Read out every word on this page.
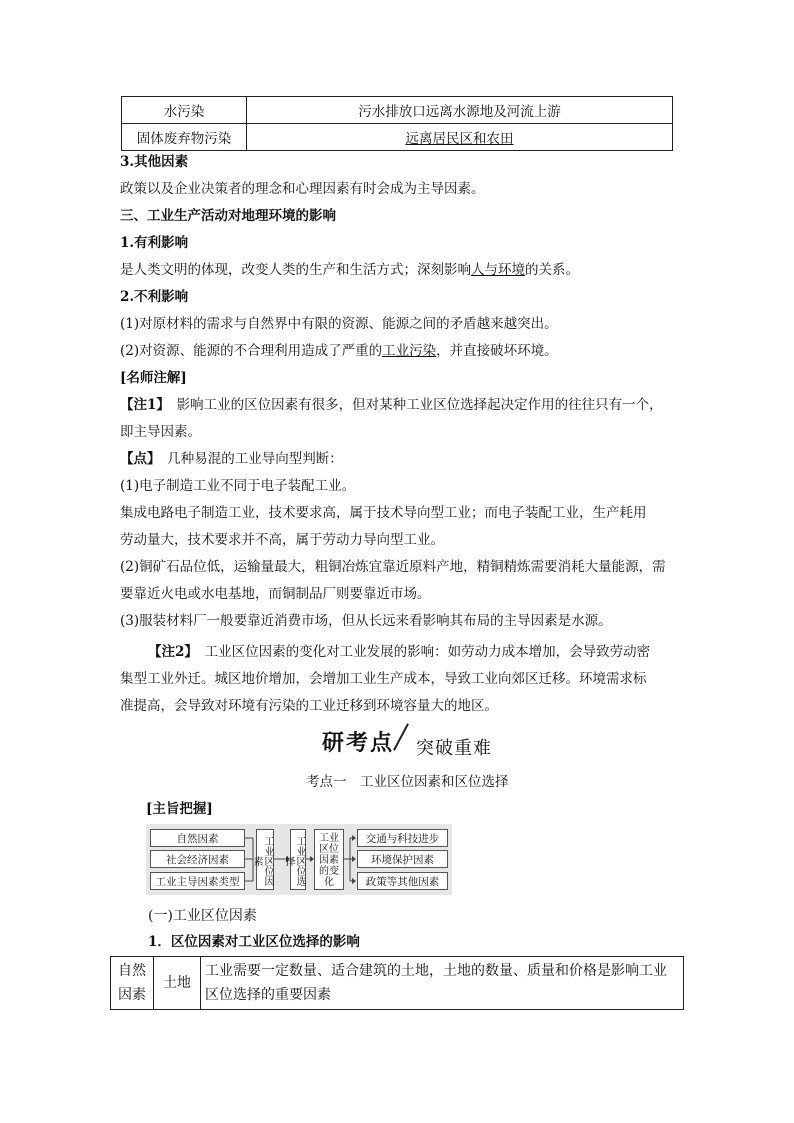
水污染	污水排放口远离水源地及河流上游
固体废弃物污染	远离居民区和农田
3.其他因素
政策以及企业决策者的理念和心理因素有时会成为主导因素。
三、工业生产活动对地理环境的影响
1.有利影响
是人类文明的体现，改变人类的生产和生活方式；深刻影响人与环境的关系。
2.不利影响
(1)对原材料的需求与自然界中有限的资源、能源之间的矛盾越来越突出。
(2)对资源、能源的不合理利用造成了严重的工业污染，并直接破坏环境。
[名师注解]
【注1】　影响工业的区位因素有很多，但对某种工业区位选择起决定作用的往往只有一个，
即主导因素。
【点】　几种易混的工业导向型判断：
(1)电子制造工业不同于电子装配工业。
集成电路电子制造工业，技术要求高，属于技术导向型工业；而电子装配工业，生产耗用
劳动量大，技术要求并不高，属于劳动力导向型工业。
(2)铜矿石品位低，运输量最大，粗铜冶炼宜靠近原料产地，精铜精炼需要消耗大量能源，需
要靠近火电或水电基地，而铜制品厂则要靠近市场。
(3)服装材料厂一般要靠近消费市场，但从长远来看影响其布局的主导因素是水源。
【注2】　工业区位因素的变化对工业发展的影响：如劳动力成本增加，会导致劳动密
集型工业外迁。城区地价增加，会增加工业生产成本，导致工业向郊区迁移。环境需求标
准提高，会导致对环境有污染的工业迁移到环境容量大的地区。
研考点 突破重难
考点一　工业区位因素和区位选择
[主旨把握]
自然因素
社会经济因素
工业主导因素类型	工业区位因素	工业区位选择
工业区位因素的变化
交通与科技进步
环境保护因素
政策等其他因素
(一)工业区位因素
1．区位因素对工业区位选择的影响
自然因素	土地	工业需要一定数量、适合建筑的土地，土地的数量、质量和价格是影响工业区位选择的重要因素
